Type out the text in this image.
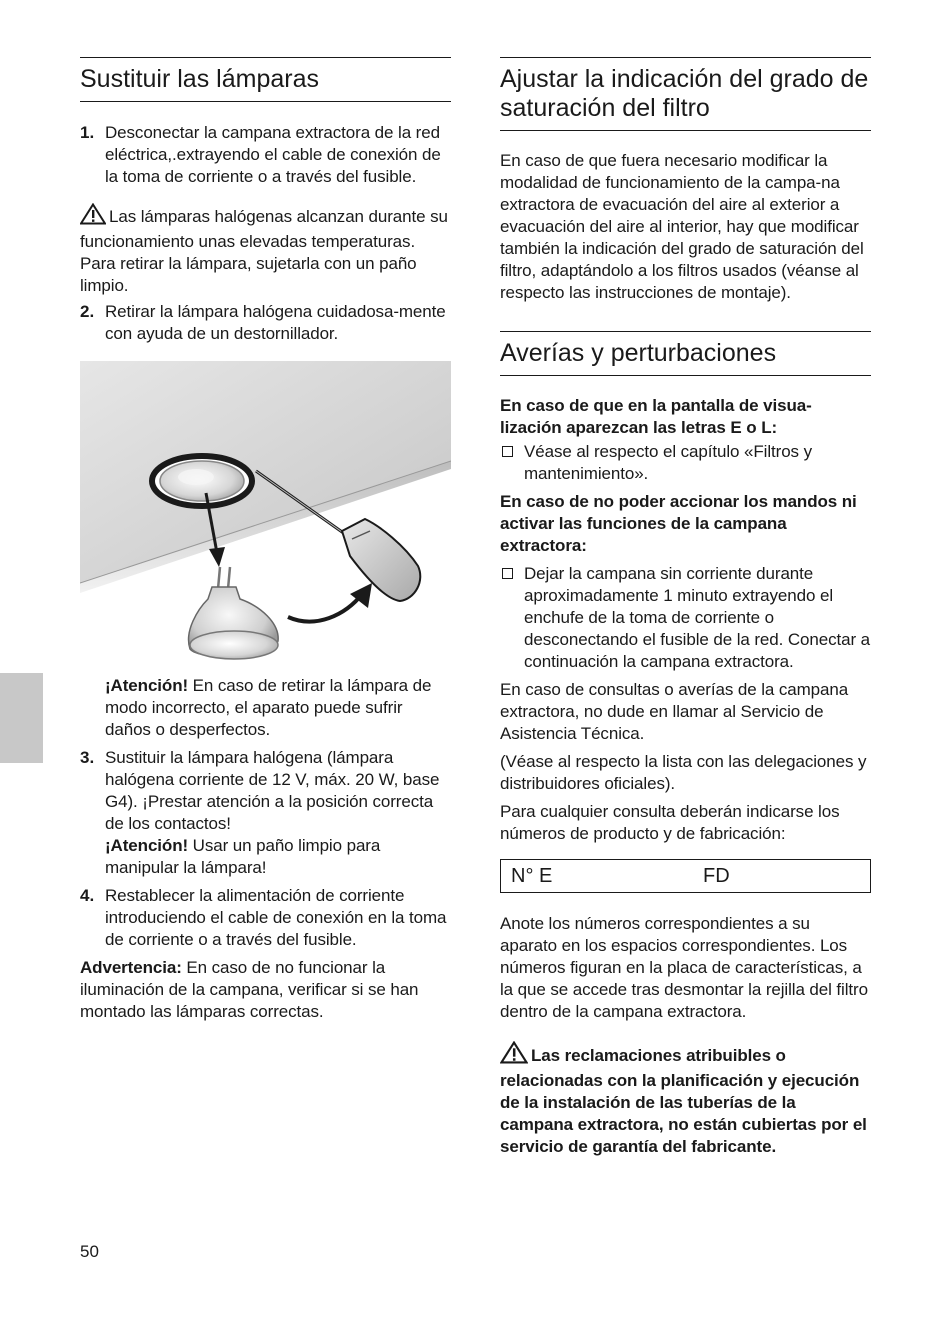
Sustituir las lámparas
1. Desconectar la campana extractora de la red eléctrica,.extrayendo el cable de conexión de la toma de corriente o a través del fusible.

Las lámparas halógenas alcanzan durante su funcionamiento unas elevadas temperaturas. Para retirar la lámpara, sujetarla con un paño limpio.

2. Retirar la lámpara halógena cuidadosa-mente con ayuda de un destornillador.

¡Atención! En caso de retirar la lámpara de modo incorrecto, el aparato puede sufrir daños o desperfectos.

3. Sustituir la lámpara halógena (lámpara halógena corriente de 12 V, máx. 20 W, base G4). ¡Prestar atención a la posición correcta de los contactos!

¡Atención! Usar un paño limpio para manipular la lámpara!

4. Restablecer la alimentación de corriente introduciendo el cable de conexión en la toma de corriente o a través del fusible.

Advertencia: En caso de no funcionar la iluminación de la campana, verificar si se han montado las lámparas correctas.

Ajustar la indicación del grado de saturación del filtro

En caso de que fuera necesario modificar la modalidad de funcionamiento de la campa-na extractora de evacuación del aire al exterior a evacuación del aire al interior, hay que modificar también la indicación del grado de saturación del filtro, adaptándolo a los filtros usados (véanse al respecto las instrucciones de montaje).

Averías y perturbaciones

En caso de que en la pantalla de visua-lización aparezcan las letras E o L:

Véase al respecto el capítulo «Filtros y mantenimiento».

En caso de no poder accionar los mandos ni activar las funciones de la campana extractora:

Dejar la campana sin corriente durante aproximadamente 1 minuto extrayendo el enchufe de la toma de corriente o desconectando el fusible de la red. Conectar a continuación la campana extractora.

En caso de consultas o averías de la campana extractora, no dude en llamar al Servicio de Asistencia Técnica.

(Véase al respecto la lista con las delegaciones y distribuidores oficiales).

Para cualquier consulta deberán indicarse los números de producto y de fabricación:

N° E	FD

Anote los números correspondientes a su aparato en los espacios correspondientes. Los números figuran en la placa de características, a la que se accede tras desmontar la rejilla del filtro dentro de la campana extractora.

Las reclamaciones atribuibles o relacionadas con la planificación y ejecución de la instalación de las tuberías de la campana extractora, no están cubiertas por el servicio de garantía del fabricante.

50
